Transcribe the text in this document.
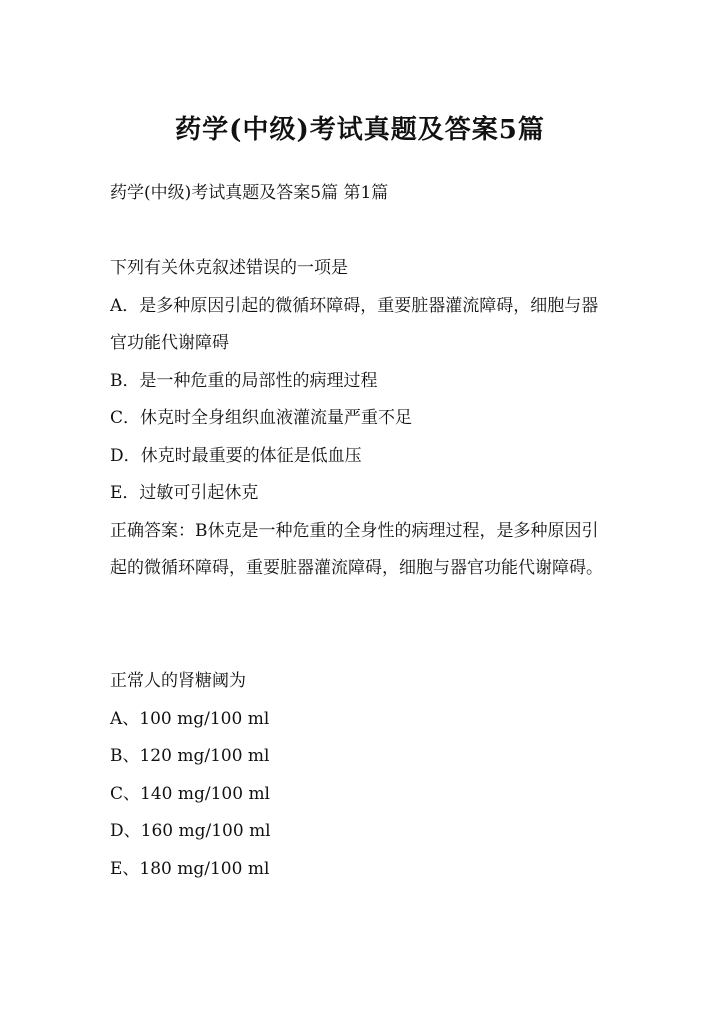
药学(中级)考试真题及答案5篇
药学(中级)考试真题及答案5篇 第1篇

下列有关休克叙述错误的一项是

A．是多种原因引起的微循环障碍，重要脏器灌流障碍，细胞与器官功能代谢障碍

B．是一种危重的局部性的病理过程

C．休克时全身组织血液灌流量严重不足

D．休克时最重要的体征是低血压

E．过敏可引起休克

正确答案：B休克是一种危重的全身性的病理过程，是多种原因引起的微循环障碍，重要脏器灌流障碍，细胞与器官功能代谢障碍。

正常人的肾糖阈为

A、100 mg/100 ml

B、120 mg/100 ml

C、140 mg/100 ml

D、160 mg/100 ml

E、180 mg/100 ml
